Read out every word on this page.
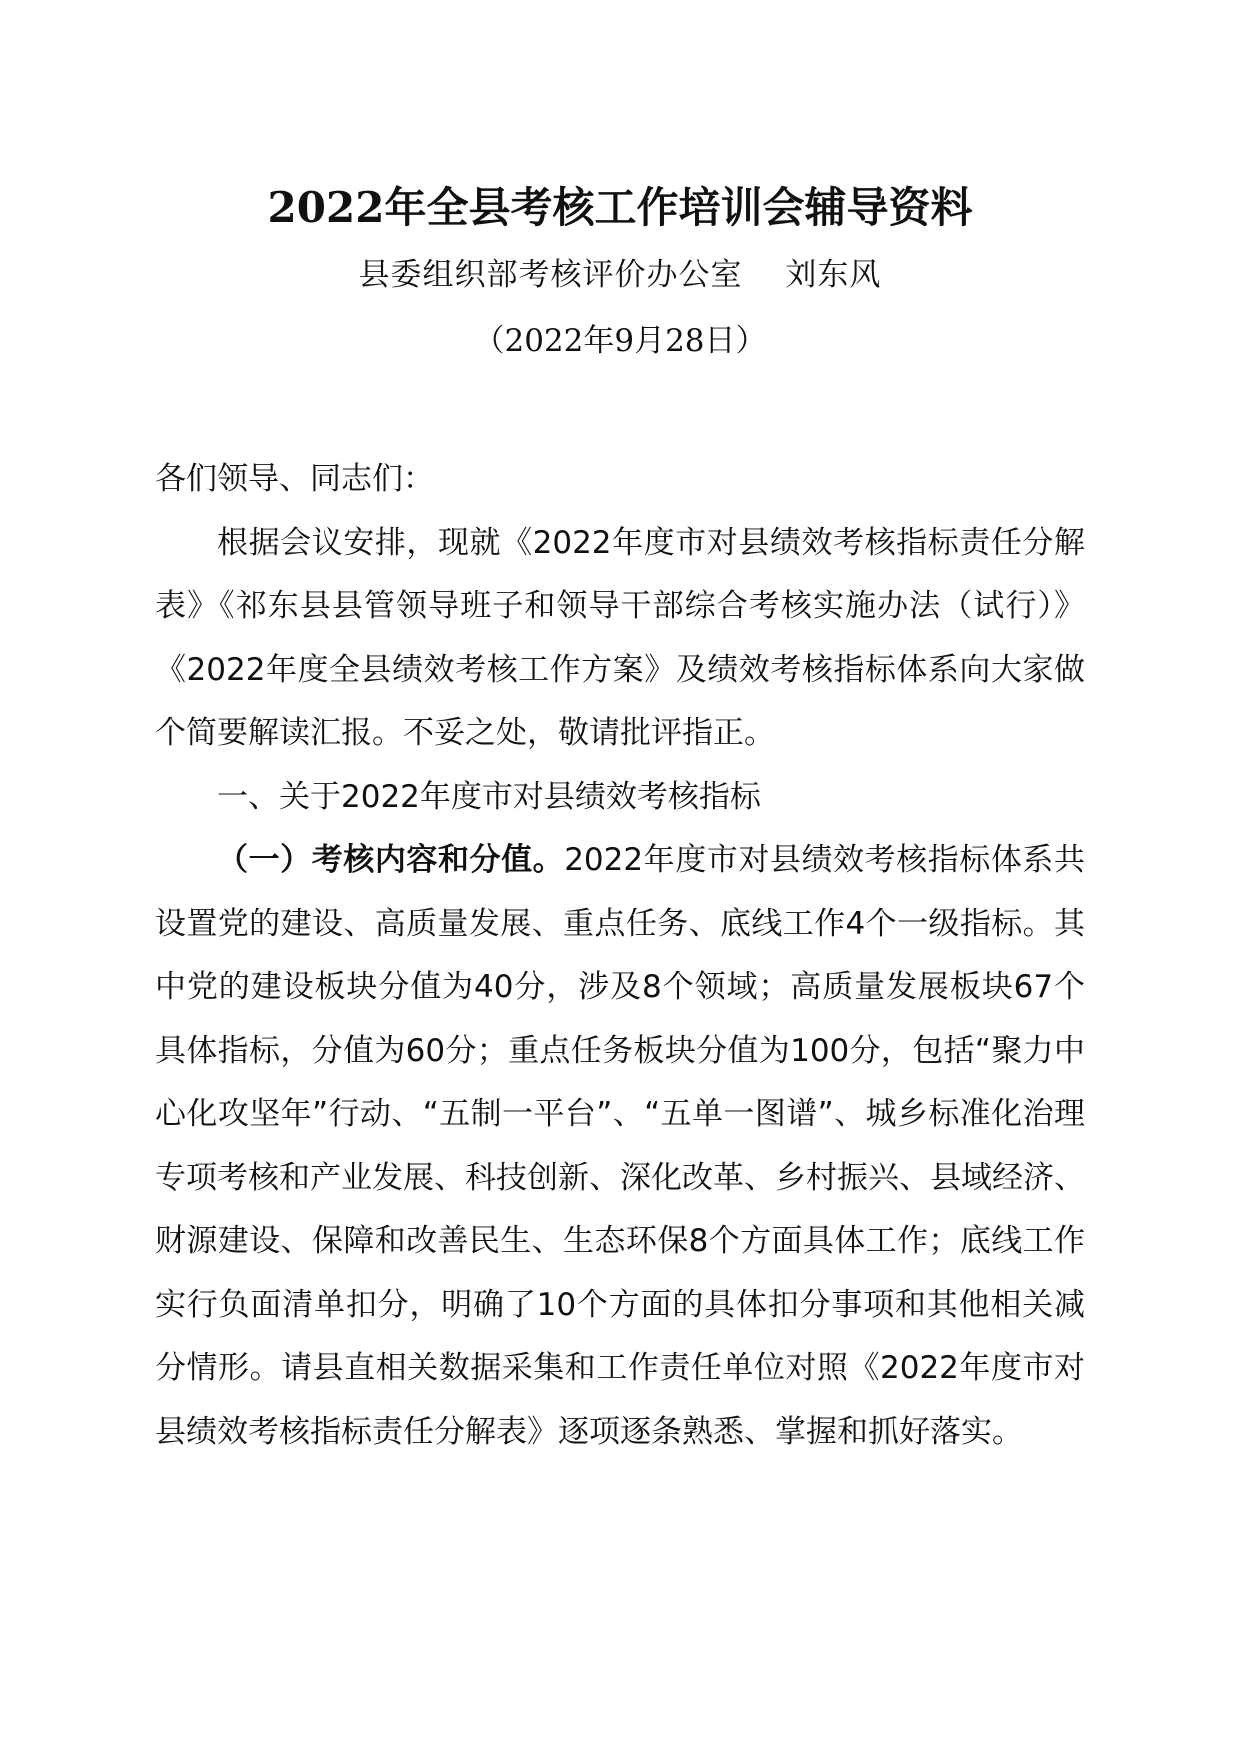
2022年全县考核工作培训会辅导资料
县委组织部考核评价办公室　 刘东风
（2022年9月28日）

各们领导、同志们：

根据会议安排，现就《2022年度市对县绩效考核指标责任分解表》《祁东县县管领导班子和领导干部综合考核实施办法（试行）》《2022年度全县绩效考核工作方案》及绩效考核指标体系向大家做个简要解读汇报。不妥之处，敬请批评指正。

一、关于2022年度市对县绩效考核指标

（一）考核内容和分值。2022年度市对县绩效考核指标体系共设置党的建设、高质量发展、重点任务、底线工作4个一级指标。其中党的建设板块分值为40分，涉及8个领域；高质量发展板块67个具体指标，分值为60分；重点任务板块分值为100分，包括“聚力中心化攻坚年”行动、“五制一平台”、“五单一图谱”、城乡标准化治理专项考核和产业发展、科技创新、深化改革、乡村振兴、县域经济、财源建设、保障和改善民生、生态环保8个方面具体工作；底线工作实行负面清单扣分，明确了10个方面的具体扣分事项和其他相关减分情形。请县直相关数据采集和工作责任单位对照《2022年度市对县绩效考核指标责任分解表》逐项逐条熟悉、掌握和抓好落实。
